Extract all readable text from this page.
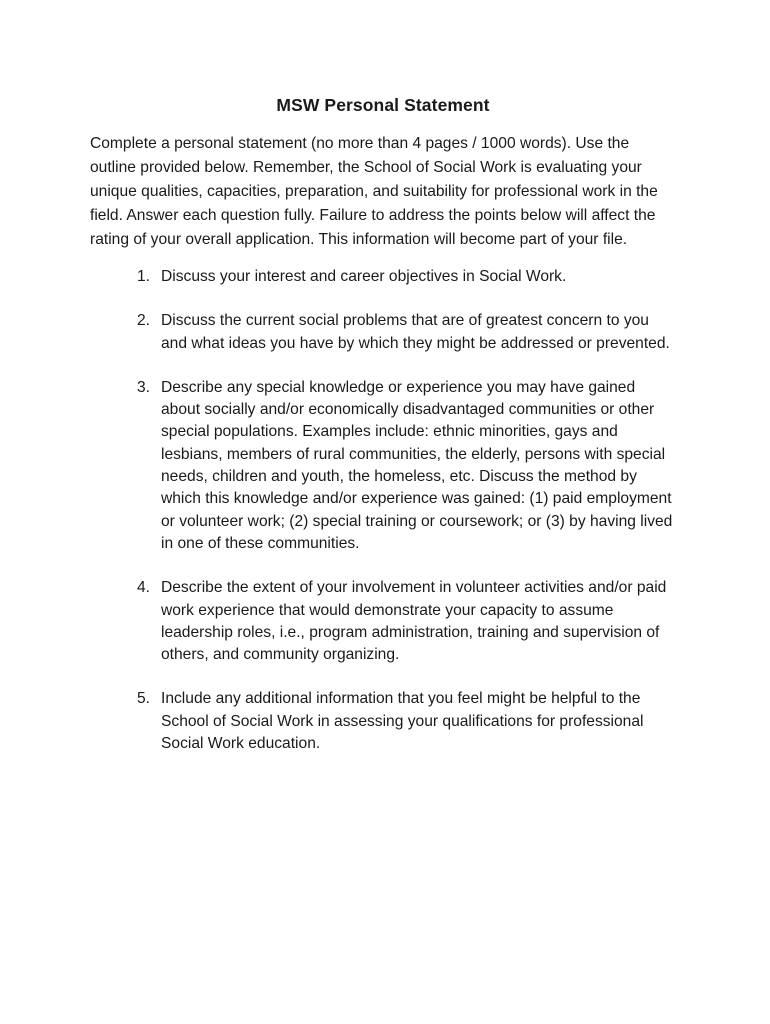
MSW Personal Statement

Complete a personal statement (no more than 4 pages / 1000 words). Use the outline provided below. Remember, the School of Social Work is evaluating your unique qualities, capacities, preparation, and suitability for professional work in the field. Answer each question fully. Failure to address the points below will affect the rating of your overall application. This information will become part of your file.

1. Discuss your interest and career objectives in Social Work.
2. Discuss the current social problems that are of greatest concern to you and what ideas you have by which they might be addressed or prevented.
3. Describe any special knowledge or experience you may have gained about socially and/or economically disadvantaged communities or other special populations. Examples include: ethnic minorities, gays and lesbians, members of rural communities, the elderly, persons with special needs, children and youth, the homeless, etc. Discuss the method by which this knowledge and/or experience was gained: (1) paid employment or volunteer work; (2) special training or coursework; or (3) by having lived in one of these communities.
4. Describe the extent of your involvement in volunteer activities and/or paid work experience that would demonstrate your capacity to assume leadership roles, i.e., program administration, training and supervision of others, and community organizing.
5. Include any additional information that you feel might be helpful to the School of Social Work in assessing your qualifications for professional Social Work education.
